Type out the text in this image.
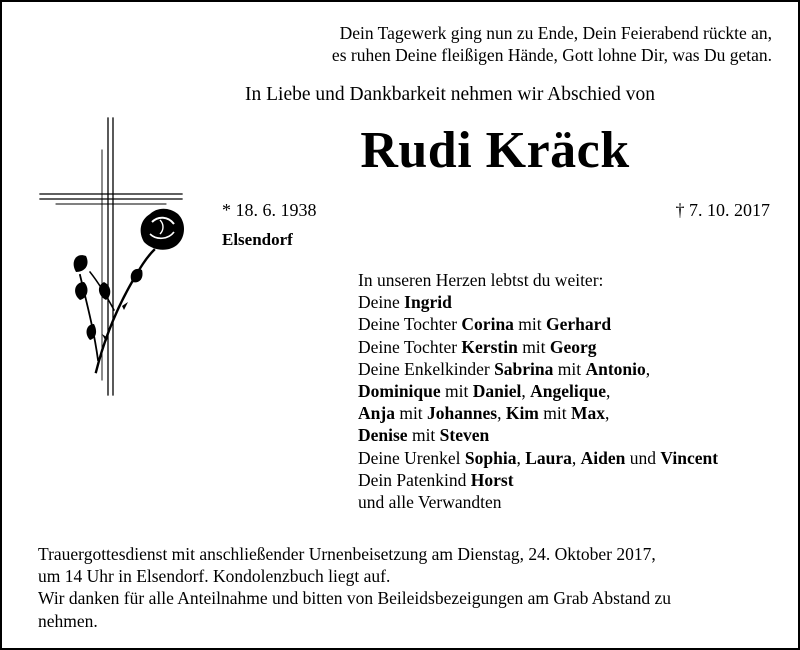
Dein Tagewerk ging nun zu Ende, Dein Feierabend rückte an,
es ruhen Deine fleißigen Hände, Gott lohne Dir, was Du getan.
In Liebe und Dankbarkeit nehmen wir Abschied von
Rudi Kräck
* 18. 6. 1938	† 7. 10. 2017
Elsendorf
In unseren Herzen lebtst du weiter:
Deine Ingrid
Deine Tochter Corina mit Gerhard
Deine Tochter Kerstin mit Georg
Deine Enkelkinder Sabrina mit Antonio,
Dominique mit Daniel, Angelique,
Anja mit Johannes, Kim mit Max,
Denise mit Steven
Deine Urenkel Sophia, Laura, Aiden und Vincent
Dein Patenkind Horst
und alle Verwandten
Trauergottesdienst mit anschließender Urnenbeisetzung am Dienstag, 24. Oktober 2017,
um 14 Uhr in Elsendorf. Kondolenzbuch liegt auf.
Wir danken für alle Anteilnahme und bitten von Beileidsbezeigungen am Grab Abstand zu
nehmen.
